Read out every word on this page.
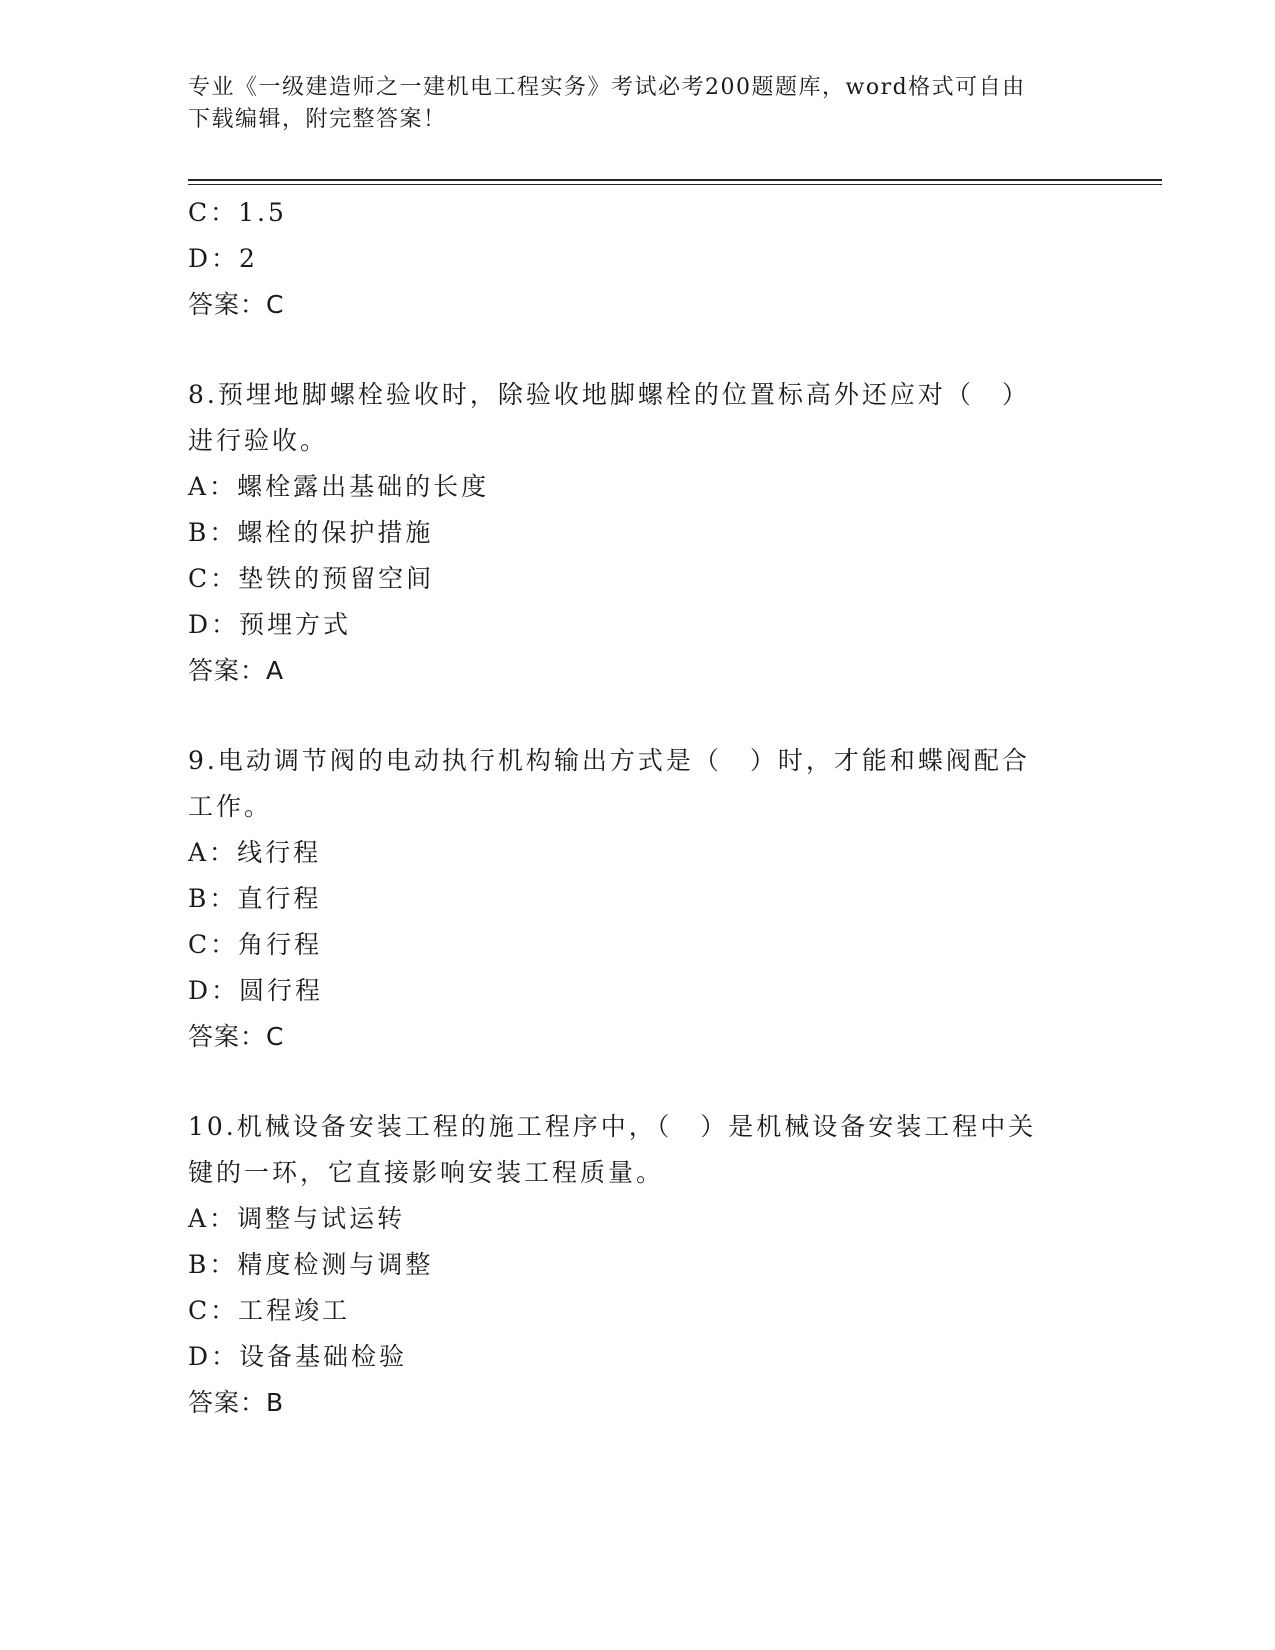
专业《一级建造师之一建机电工程实务》考试必考200题题库，word格式可自由
下载编辑，附完整答案！
C：1.5
D：2
答案：C
8.预埋地脚螺栓验收时，除验收地脚螺栓的位置标高外还应对（　）
进行验收。
A：螺栓露出基础的长度
B：螺栓的保护措施
C：垫铁的预留空间
D：预埋方式
答案：A
9.电动调节阀的电动执行机构输出方式是（　）时，才能和蝶阀配合
工作。
A：线行程
B：直行程
C：角行程
D：圆行程
答案：C
10.机械设备安装工程的施工程序中，（　）是机械设备安装工程中关
键的一环，它直接影响安装工程质量。
A：调整与试运转
B：精度检测与调整
C：工程竣工
D：设备基础检验
答案：B
